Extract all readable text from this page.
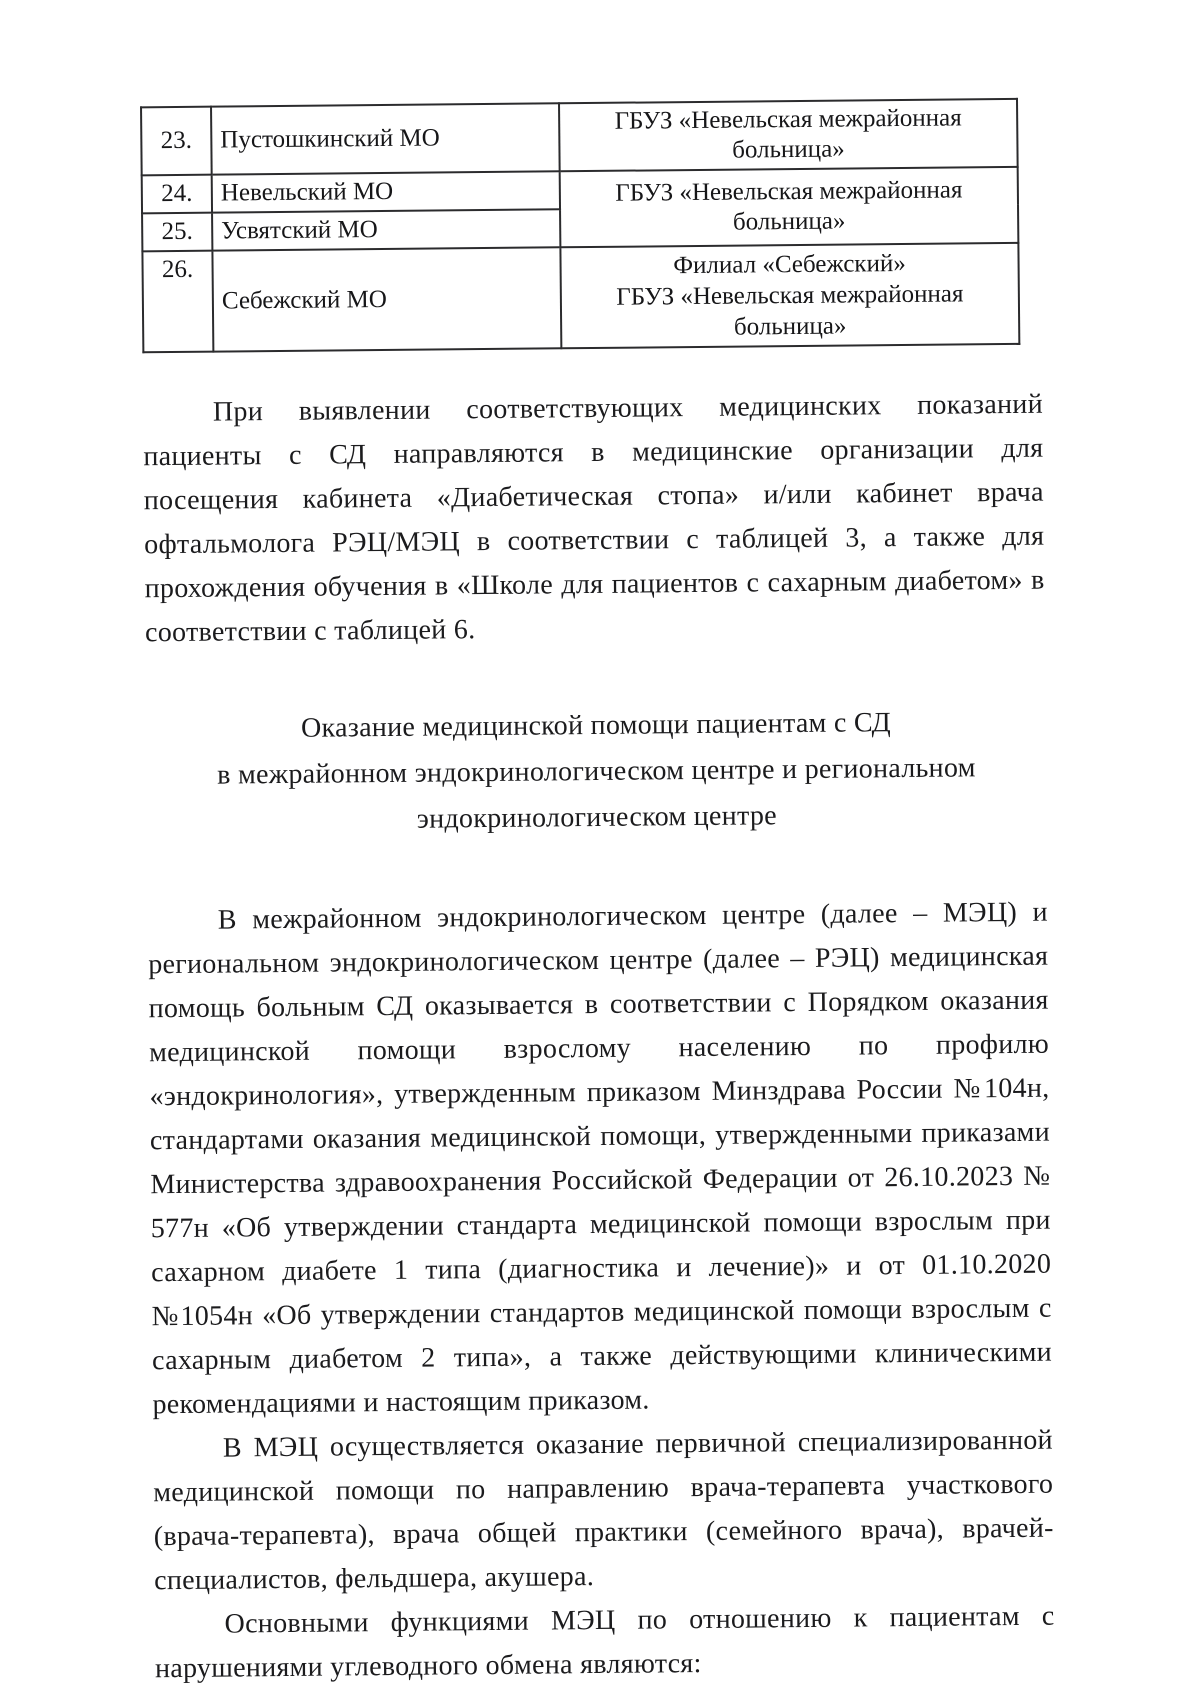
23.	Пустошкинский МО	ГБУЗ «Невельская межрайонная больница»
24.	Невельский МО	ГБУЗ «Невельская межрайонная больница»
25.	Усвятский МО	
26.	Себежский МО	Филиал «Себежский»
ГБУЗ «Невельская межрайонная больница»

При выявлении соответствующих медицинских показаний пациенты с СД направляются в медицинские организации для посещения кабинета «Диабетическая стопа» и/или кабинет врача офтальмолога РЭЦ/МЭЦ в соответствии с таблицей 3, а также для прохождения обучения в «Школе для пациентов с сахарным диабетом» в соответствии с таблицей 6.

Оказание медицинской помощи пациентам с СД
в межрайонном эндокринологическом центре и региональном
эндокринологическом центре

В межрайонном эндокринологическом центре (далее – МЭЦ) и региональном эндокринологическом центре (далее – РЭЦ) медицинская помощь больным СД оказывается в соответствии с Порядком оказания медицинской помощи взрослому населению по профилю «эндокринология», утвержденным приказом Минздрава России №104н, стандартами оказания медицинской помощи, утвержденными приказами Министерства здравоохранения Российской Федерации от 26.10.2023 № 577н «Об утверждении стандарта медицинской помощи взрослым при сахарном диабете 1 типа (диагностика и лечение)» и от 01.10.2020 №1054н «Об утверждении стандартов медицинской помощи взрослым с сахарным диабетом 2 типа», а также действующими клиническими рекомендациями и настоящим приказом.

В МЭЦ осуществляется оказание первичной специализированной медицинской помощи по направлению врача-терапевта участкового (врача-терапевта), врача общей практики (семейного врача), врачей-специалистов, фельдшера, акушера.

Основными функциями МЭЦ по отношению к пациентам с нарушениями углеводного обмена являются:
